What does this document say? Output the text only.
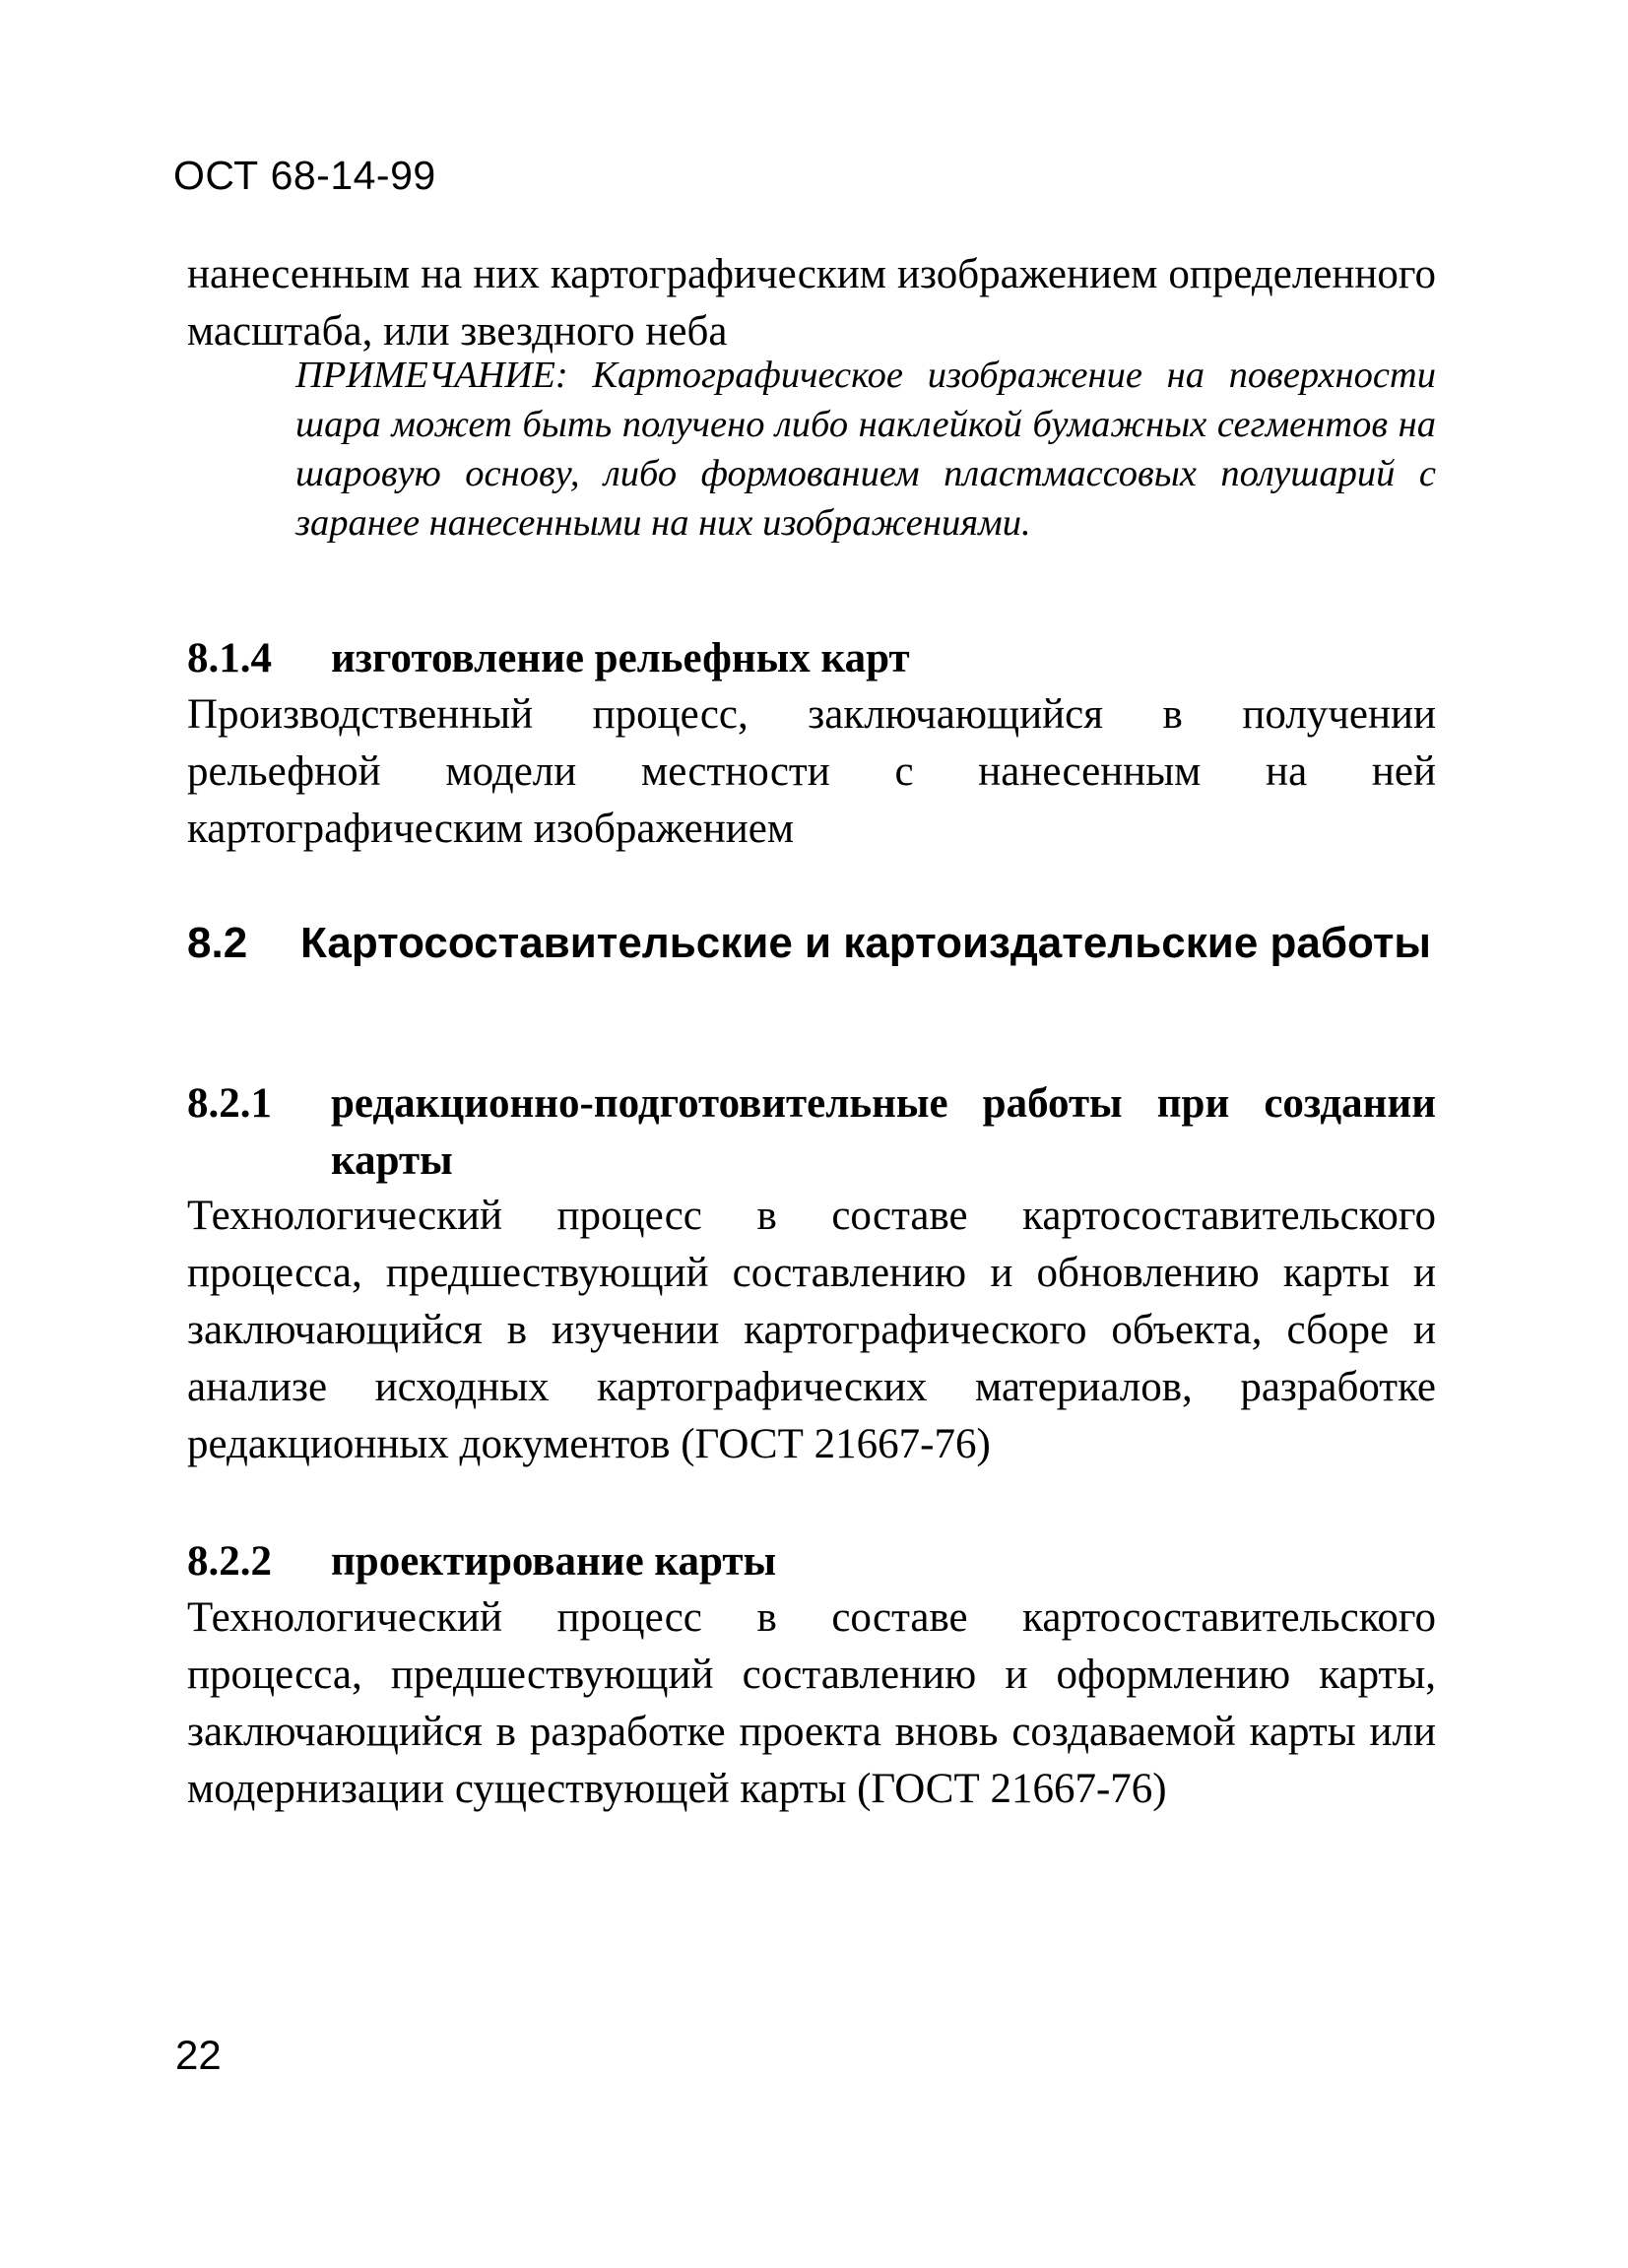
ОСТ 68-14-99
нанесенным на них картографическим изображением определенного масштаба, или звездного неба
ПРИМЕЧАНИЕ: Картографическое изображение на поверхности шара может быть получено либо наклейкой бумажных сегментов на шаровую основу, либо формованием пластмассовых полушарий с заранее нанесенными на них изображениями.
8.1.4	изготовление рельефных карт
Производственный процесс, заключающийся в получении рельефной модели местности с нанесенным на ней картографическим изображением
8.2	Картосоставительские и картоиздательские работы
8.2.1	редакционно-подготовительные работы при создании карты
Технологический процесс в составе картосоставительского процесса, предшествующий составлению и обновлению карты и заключающийся в изучении картографического объекта, сборе и анализе исходных картографических материалов, разработке редакционных документов (ГОСТ 21667-76)
8.2.2	проектирование карты
Технологический процесс в составе картосоставительского процесса, предшествующий составлению и оформлению карты, заключающийся в разработке проекта вновь создаваемой карты или модернизации существующей карты (ГОСТ 21667-76)
22
